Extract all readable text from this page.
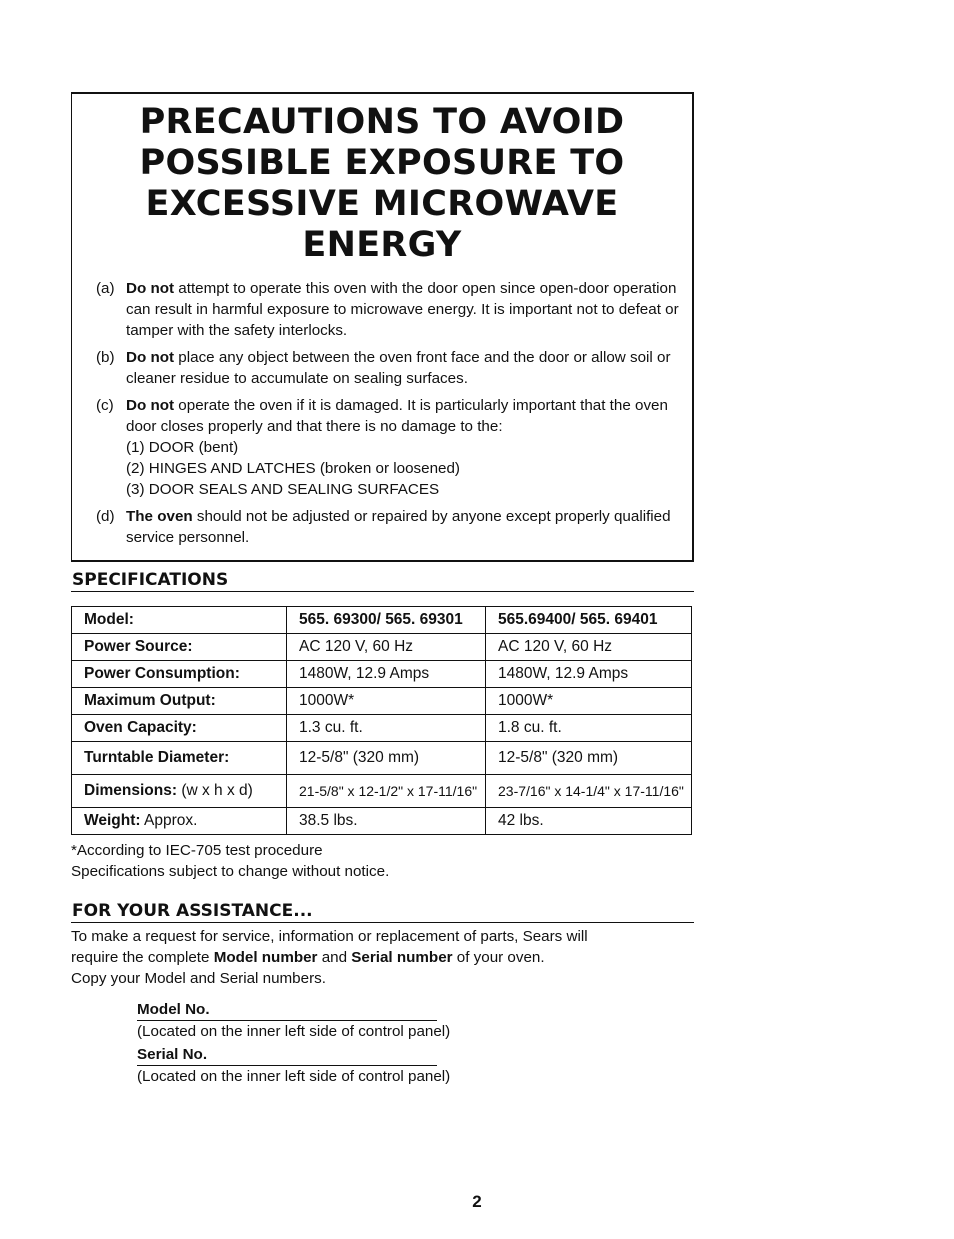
PRECAUTIONS TO AVOID
POSSIBLE EXPOSURE TO
EXCESSIVE MICROWAVE
ENERGY
(a) Do not attempt to operate this oven with the door open since open-door operation can result in harmful exposure to microwave energy. It is important not to defeat or tamper with the safety interlocks.
(b) Do not place any object between the oven front face and the door or allow soil or cleaner residue to accumulate on sealing surfaces.
(c) Do not operate the oven if it is damaged. It is particularly important that the oven door closes properly and that there is no damage to the:
(1) DOOR (bent)
(2) HINGES AND LATCHES (broken or loosened)
(3) DOOR SEALS AND SEALING SURFACES
(d) The oven should not be adjusted or repaired by anyone except properly qualified service personnel.
SPECIFICATIONS
Model:	565. 69300/ 565. 69301	565.69400/ 565. 69401
Power Source:	AC 120 V, 60 Hz	AC 120 V, 60 Hz
Power Consumption:	1480W, 12.9 Amps	1480W, 12.9 Amps
Maximum Output:	1000W*	1000W*
Oven Capacity:	1.3 cu. ft.	1.8 cu. ft.
Turntable Diameter:	12-5/8" (320 mm)	12-5/8" (320 mm)
Dimensions: (w x h x d)	21-5/8" x 12-1/2" x 17-11/16"	23-7/16" x 14-1/4" x 17-11/16"
Weight: Approx.	38.5 lbs.	42 lbs.
*According to IEC-705 test procedure
Specifications subject to change without notice.
FOR YOUR ASSISTANCE...
To make a request for service, information or replacement of parts, Sears will
require the complete Model number and Serial number of your oven.
Copy your Model and Serial numbers.
Model No.
(Located on the inner left side of control panel)
Serial No.
(Located on the inner left side of control panel)
2
